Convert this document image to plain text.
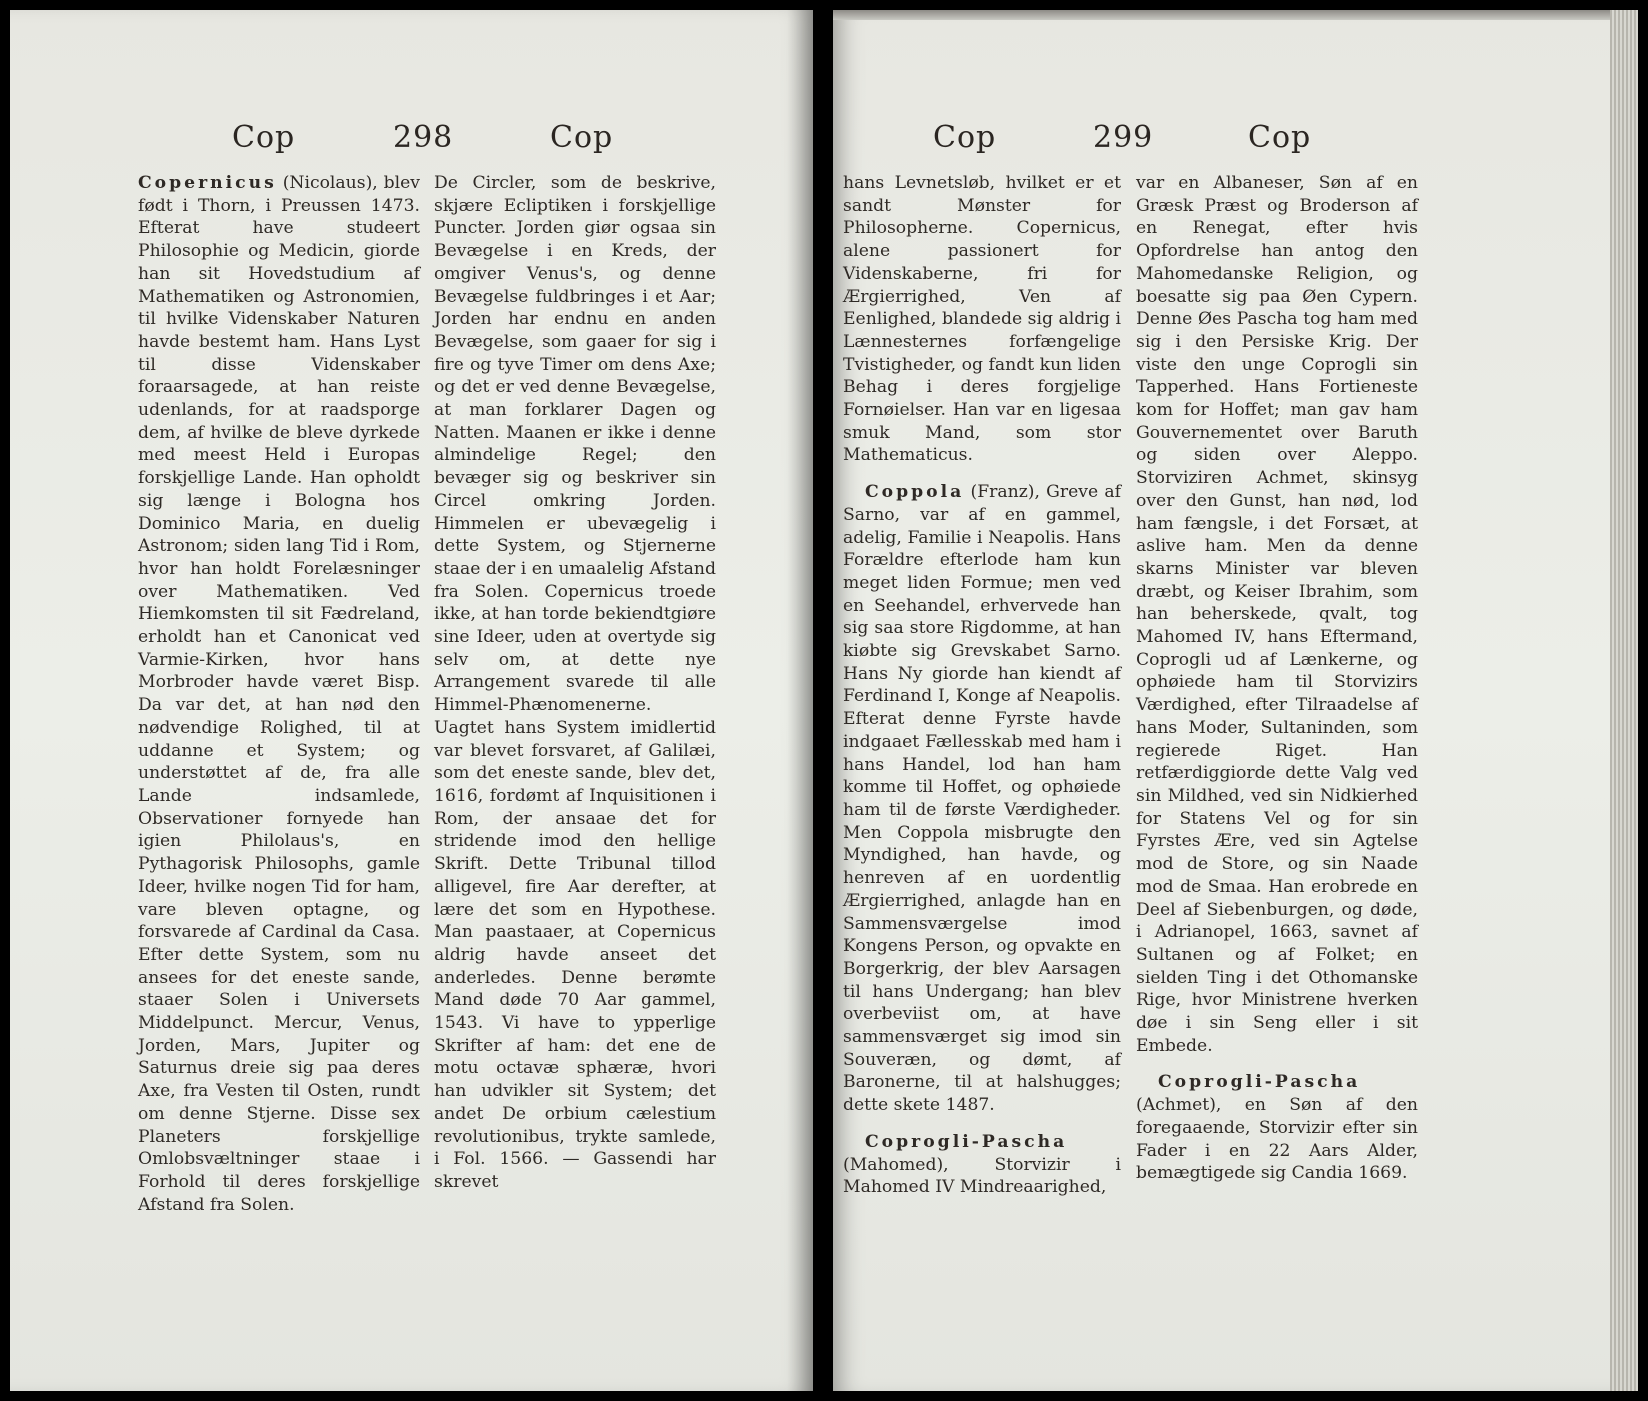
Cop	298	Cop

Copernicus (Nicolaus), blev født i Thorn, i Preussen 1473. Efterat have studeert Philosophie og Medicin, giorde han sit Hovedstudium af Mathematiken og Astronomien, til hvilke Videnskaber Naturen havde bestemt ham. Hans Lyst til disse Videnskaber foraarsagede, at han reiste udenlands, for at raadsporge dem, af hvilke de bleve dyrkede med meest Held i Europas forskjellige Lande. Han opholdt sig længe i Bologna hos Dominico Maria, en duelig Astronom; siden lang Tid i Rom, hvor han holdt Forelæsninger over Mathematiken. Ved Hiemkomsten til sit Fædreland, erholdt han et Canonicat ved Varmie-Kirken, hvor hans Morbroder havde været Bisp. Da var det, at han nød den nødvendige Rolighed, til at uddanne et System; og understøttet af de, fra alle Lande indsamlede, Observationer fornyede han igien Philolaus's, en Pythagorisk Philosophs, gamle Ideer, hvilke nogen Tid for ham, vare bleven optagne, og forsvarede af Cardinal da Casa. Efter dette System, som nu ansees for det eneste sande, staaer Solen i Universets Middelpunct. Mercur, Venus, Jorden, Mars, Jupiter og Saturnus dreie sig paa deres Axe, fra Vesten til Osten, rundt om denne Stjerne. Disse sex Planeters forskjellige Omlobsvæltninger staae i Forhold til deres forskjellige Afstand fra Solen.

De Circler, som de beskrive, skjære Ecliptiken i forskjellige Puncter. Jorden giør ogsaa sin Bevægelse i en Kreds, der omgiver Venus's, og denne Bevægelse fuldbringes i et Aar; Jorden har endnu en anden Bevægelse, som gaaer for sig i fire og tyve Timer om dens Axe; og det er ved denne Bevægelse, at man forklarer Dagen og Natten. Maanen er ikke i denne almindelige Regel; den bevæger sig og beskriver sin Circel omkring Jorden. Himmelen er ubevægelig i dette System, og Stjernerne staae der i en umaalelig Afstand fra Solen. Copernicus troede ikke, at han torde bekiendtgiøre sine Ideer, uden at overtyde sig selv om, at dette nye Arrangement svarede til alle Himmel-Phænomenerne. Uagtet hans System imidlertid var blevet forsvaret, af Galilæi, som det eneste sande, blev det, 1616, fordømt af Inquisitionen i Rom, der ansaae det for stridende imod den hellige Skrift. Dette Tribunal tillod alligevel, fire Aar derefter, at lære det som en Hypothese. Man paastaaer, at Copernicus aldrig havde anseet det anderledes. Denne berømte Mand døde 70 Aar gammel, 1543. Vi have to ypperlige Skrifter af ham: det ene de motu octavæ sphæræ, hvori han udvikler sit System; det andet De orbium cælestium revolutionibus, trykte samlede, i Fol. 1566. — Gassendi har skrevet

Cop	299	Cop

hans Levnetsløb, hvilket er et sandt Mønster for Philosopherne. Copernicus, alene passionert for Videnskaberne, fri for Ærgierrighed, Ven af Eenlighed, blandede sig aldrig i Lænnesternes forfængelige Tvistigheder, og fandt kun liden Behag i deres forgjelige Fornøielser. Han var en ligesaa smuk Mand, som stor Mathematicus.

Coppola (Franz), Greve af Sarno, var af en gammel, adelig, Familie i Neapolis. Hans Forældre efterlode ham kun meget liden Formue; men ved en Seehandel, erhvervede han sig saa store Rigdomme, at han kiøbte sig Grevskabet Sarno. Hans Ny giorde han kiendt af Ferdinand I, Konge af Neapolis. Efterat denne Fyrste havde indgaaet Fællesskab med ham i hans Handel, lod han ham komme til Hoffet, og ophøiede ham til de første Værdigheder. Men Coppola misbrugte den Myndighed, han havde, og henreven af en uordentlig Ærgierrighed, anlagde han en Sammensværgelse imod Kongens Person, og opvakte en Borgerkrig, der blev Aarsagen til hans Undergang; han blev overbeviist om, at have sammensværget sig imod sin Souveræn, og dømt, af Baronerne, til at halshugges; dette skete 1487.

Coprogli-Pascha (Mahomed), Storvizir i Mahomed IV Mindreaarighed,

var en Albaneser, Søn af en Græsk Præst og Broderson af en Renegat, efter hvis Opfordrelse han antog den Mahomedanske Religion, og boesatte sig paa Øen Cypern. Denne Øes Pascha tog ham med sig i den Persiske Krig. Der viste den unge Coprogli sin Tapperhed. Hans Fortieneste kom for Hoffet; man gav ham Gouvernementet over Baruth og siden over Aleppo. Storviziren Achmet, skinsyg over den Gunst, han nød, lod ham fængsle, i det Forsæt, at aslive ham. Men da denne skarns Minister var bleven dræbt, og Keiser Ibrahim, som han beherskede, qvalt, tog Mahomed IV, hans Eftermand, Coprogli ud af Lænkerne, og ophøiede ham til Storvizirs Værdighed, efter Tilraadelse af hans Moder, Sultaninden, som regierede Riget. Han retfærdiggiorde dette Valg ved sin Mildhed, ved sin Nidkierhed for Statens Vel og for sin Fyrstes Ære, ved sin Agtelse mod de Store, og sin Naade mod de Smaa. Han erobrede en Deel af Siebenburgen, og døde, i Adrianopel, 1663, savnet af Sultanen og af Folket; en sielden Ting i det Othomanske Rige, hvor Ministrene hverken døe i sin Seng eller i sit Embede.

Coprogli-Pascha (Achmet), en Søn af den foregaaende, Storvizir efter sin Fader i en 22 Aars Alder, bemægtigede sig Candia 1669.
